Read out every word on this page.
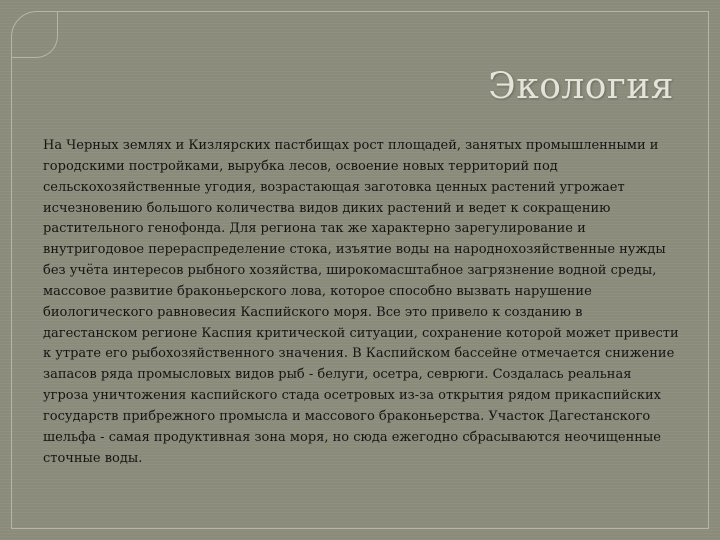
Экология

На Черных землях и Кизлярских пастбищах рост площадей, занятых промышленными и городскими постройками, вырубка лесов, освоение новых территорий под сельскохозяйственные угодия, возрастающая заготовка ценных растений угрожает исчезновению большого количества видов диких растений и ведет к сокращению растительного генофонда. Для региона так же характерно зарегулирование и внутригодовое перераспределение стока, изъятие воды на народнохозяйственные нужды без учёта интересов рыбного хозяйства, широкомасштабное загрязнение водной среды, массовое развитие браконьерского лова, которое способно вызвать нарушение биологического равновесия Каспийского моря. Все это привело к созданию в дагестанском регионе Каспия критической ситуации, сохранение которой может привести к утрате его рыбохозяйственного значения. В Каспийском бассейне отмечается снижение запасов ряда промысловых видов рыб - белуги, осетра, севрюги. Создалась реальная угроза уничтожения каспийского стада осетровых из-за открытия рядом прикаспийских государств прибрежного промысла и массового браконьерства. Участок Дагестанского шельфа - самая продуктивная зона моря, но сюда ежегодно сбрасываются неочищенные сточные воды.
